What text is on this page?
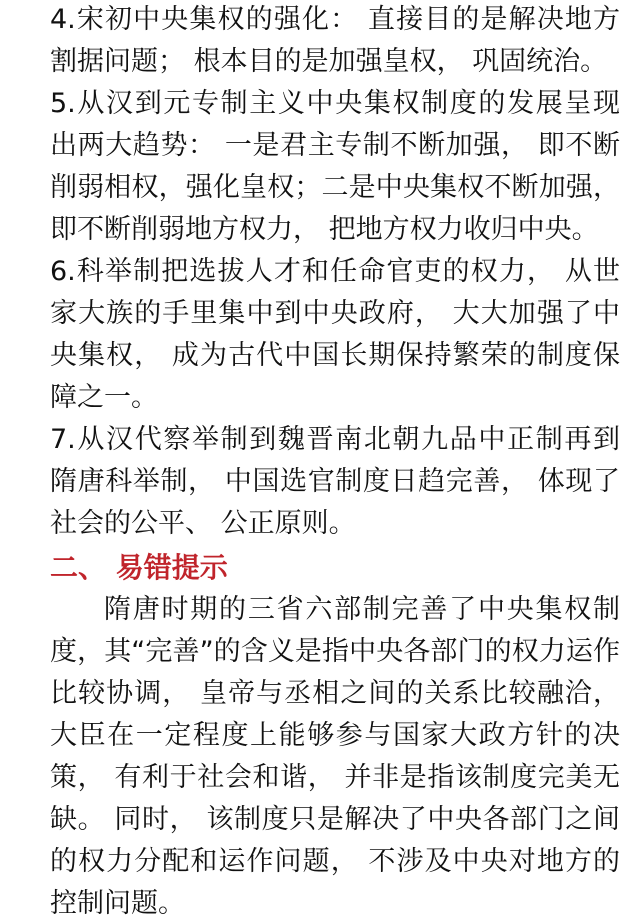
4.宋初中央集权的强化： 直接目的是解决地方
割据问题； 根本目的是加强皇权， 巩固统治。
5.从汉到元专制主义中央集权制度的发展呈现
出两大趋势： 一是君主专制不断加强， 即不断
削弱相权，强化皇权；二是中央集权不断加强，
即不断削弱地方权力， 把地方权力收归中央。
6.科举制把选拔人才和任命官吏的权力， 从世
家大族的手里集中到中央政府， 大大加强了中
央集权， 成为古代中国长期保持繁荣的制度保
障之一。
7.从汉代察举制到魏晋南北朝九品中正制再到
隋唐科举制， 中国选官制度日趋完善， 体现了
社会的公平、 公正原则。
二、 易错提示
隋唐时期的三省六部制完善了中央集权制
度，其“完善”的含义是指中央各部门的权力运作
比较协调， 皇帝与丞相之间的关系比较融洽，
大臣在一定程度上能够参与国家大政方针的决
策， 有利于社会和谐， 并非是指该制度完美无
缺。 同时， 该制度只是解决了中央各部门之间
的权力分配和运作问题， 不涉及中央对地方的
控制问题。
